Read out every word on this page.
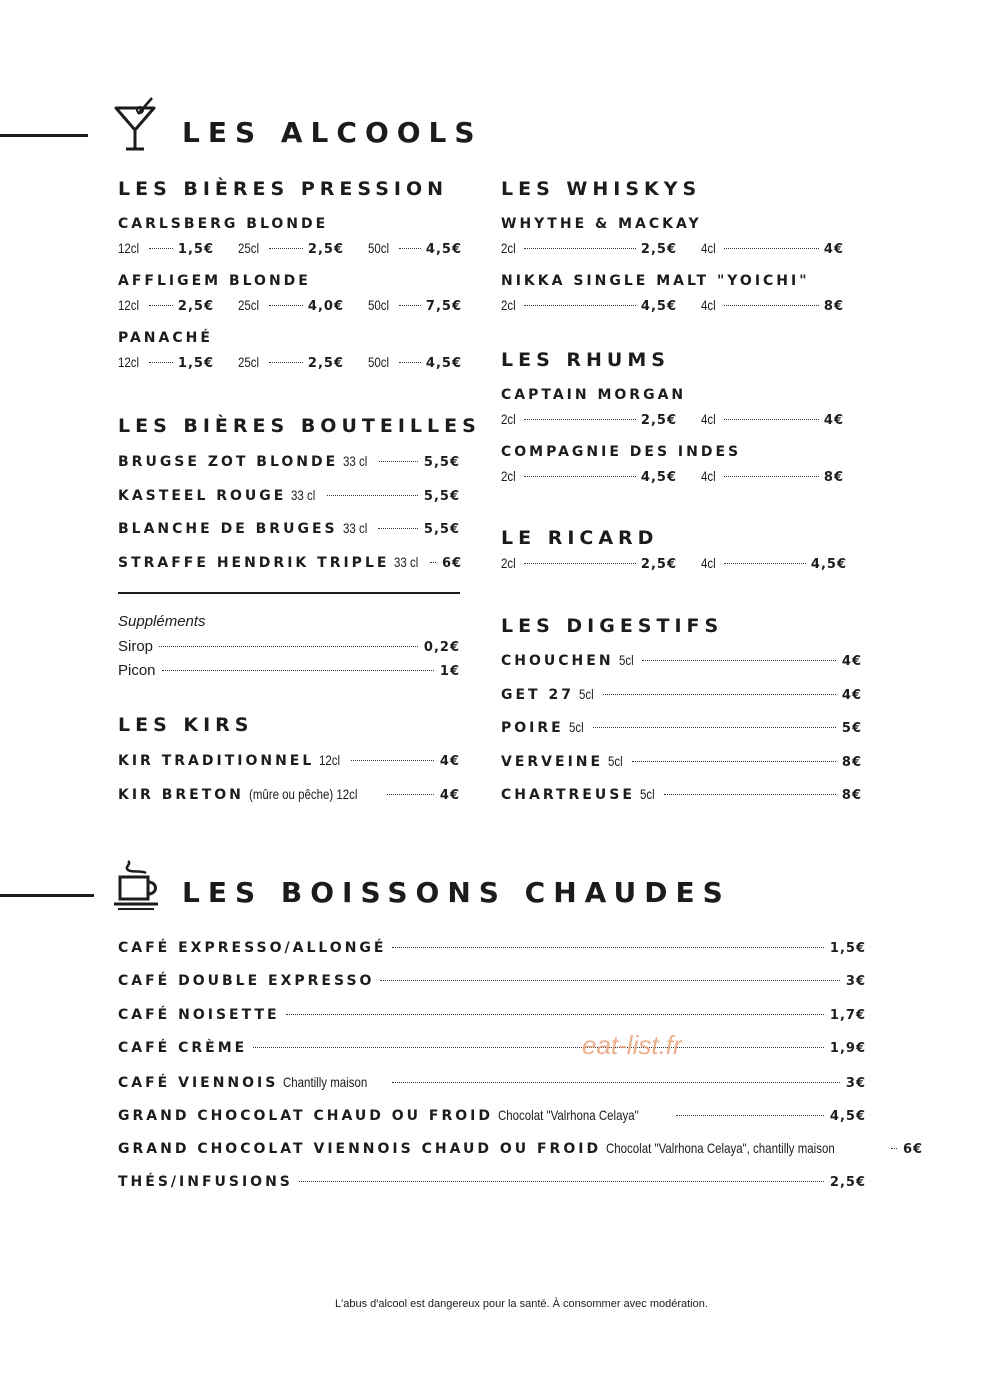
LES ALCOOLS
LES BIÈRES PRESSION
CARLSBERG BLONDE
12cl	1,5€ 25cl	2,5€ 50cl	4,5€
AFFLIGEM BLONDE
12cl	2,5€ 25cl	4,0€ 50cl	7,5€
PANACHÉ
12cl	1,5€ 25cl	2,5€ 50cl	4,5€
LES BIÈRES BOUTEILLES
BRUGSE ZOT BLONDE 33 cl	5,5€
KASTEEL ROUGE 33 cl	5,5€
BLANCHE DE BRUGES 33 cl	5,5€
STRAFFE HENDRIK TRIPLE 33 cl 6€
Suppléments
Sirop	0,2€
Picon	1€
LES KIRS
KIR TRADITIONNEL 12cl	4€
KIR BRETON (mûre ou pêche) 12cl	4€
LES WHISKYS
WHYTHE & MACKAY
2cl	2,5€ 4cl	4€
NIKKA SINGLE MALT "YOICHI"
2cl	4,5€ 4cl	8€
LES RHUMS
CAPTAIN MORGAN
2cl	2,5€ 4cl	4€
COMPAGNIE DES INDES
2cl	4,5€ 4cl	8€
LE RICARD
2cl	2,5€ 4cl	4,5€
LES DIGESTIFS
CHOUCHEN 5cl	4€
GET 27 5cl	4€
POIRE 5cl	5€
VERVEINE 5cl	8€
CHARTREUSE 5cl	8€
LES BOISSONS CHAUDES
CAFÉ EXPRESSO/ALLONGÉ	1,5€
CAFÉ DOUBLE EXPRESSO	3€
CAFÉ NOISETTE	1,7€
CAFÉ CRÈME	1,9€
CAFÉ VIENNOIS Chantilly maison	3€
GRAND CHOCOLAT CHAUD OU FROID Chocolat "Valrhona Celaya"	4,5€
GRAND CHOCOLAT VIENNOIS CHAUD OU FROID Chocolat "Valrhona Celaya", chantilly maison	6€
THÉS/INFUSIONS	2,5€
eat-list.fr
L'abus d'alcool est dangereux pour la santé. À consommer avec modération.
